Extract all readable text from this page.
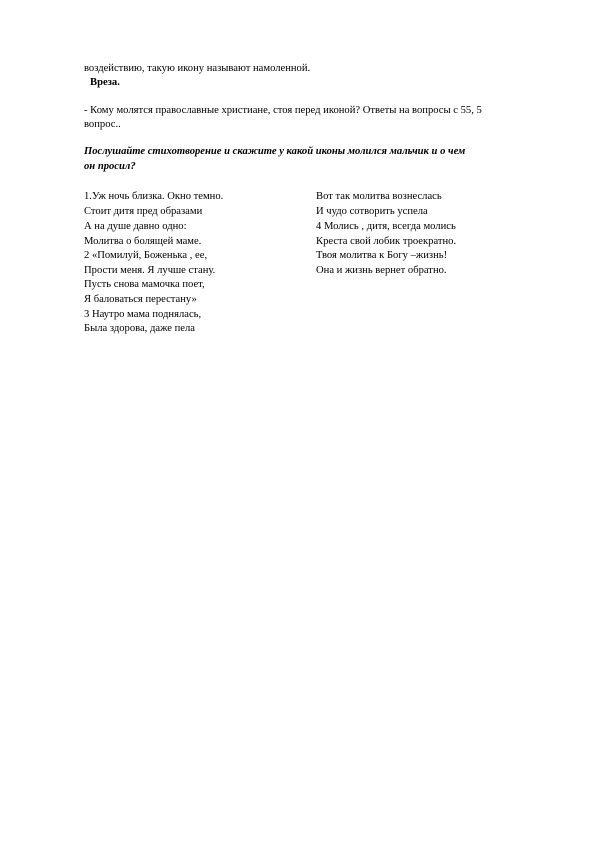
воздействию, такую икону называют намоленной.
Вреза.
- Кому молятся православные христиане, стоя перед иконой? Ответы на вопросы с 55, 5
вопрос..
Послушайте стихотворение и скажите у какой иконы молился мальчик и о чем
он просил?
1.Уж ночь близка. Окно темно.
Стоит дитя пред образами
А на душе давно одно:
Молитва о болящей маме.
2 «Помилуй, Боженька , ее,
Прости меня. Я лучше стану.
Пусть снова мамочка поет,
Я баловаться перестану»
3 Наутро мама поднялась,
Была здорова, даже пела
Вот так молитва вознеслась
И чудо сотворить успела
4 Молись , дитя, всегда молись
Креста свой лобик троекратно.
Твоя молитва к Богу –жизнь!
Она и жизнь вернет обратно.
